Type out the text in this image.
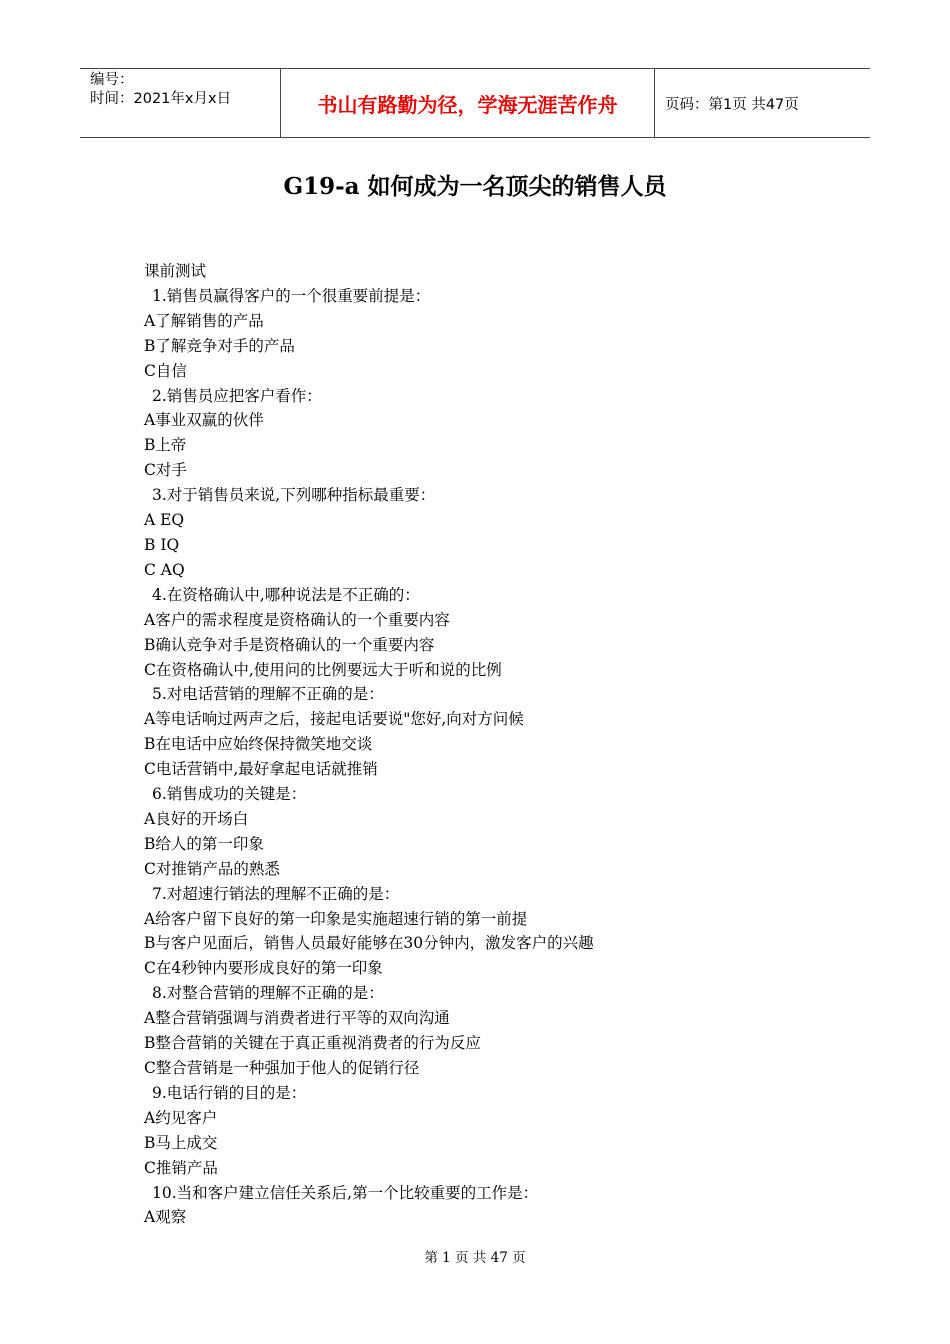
编号：
时间：2021年x月x日	书山有路勤为径，学海无涯苦作舟	页码：第1页 共47页
G19-a 如何成为一名顶尖的销售人员
课前测试
1.销售员赢得客户的一个很重要前提是：
A了解销售的产品
B了解竞争对手的产品
C自信
2.销售员应把客户看作：
A事业双赢的伙伴
B上帝
C对手
3.对于销售员来说,下列哪种指标最重要：
A EQ
B IQ
C AQ
4.在资格确认中,哪种说法是不正确的：
A客户的需求程度是资格确认的一个重要内容
B确认竞争对手是资格确认的一个重要内容
C在资格确认中,使用问的比例要远大于听和说的比例
5.对电话营销的理解不正确的是：
A等电话响过两声之后，接起电话要说"您好,向对方问候
B在电话中应始终保持微笑地交谈
C电话营销中,最好拿起电话就推销
6.销售成功的关键是：
A良好的开场白
B给人的第一印象
C对推销产品的熟悉
7.对超速行销法的理解不正确的是：
A给客户留下良好的第一印象是实施超速行销的第一前提
B与客户见面后，销售人员最好能够在30分钟内，激发客户的兴趣
C在4秒钟内要形成良好的第一印象
8.对整合营销的理解不正确的是：
A整合营销强调与消费者进行平等的双向沟通
B整合营销的关键在于真正重视消费者的行为反应
C整合营销是一种强加于他人的促销行径
9.电话行销的目的是：
A约见客户
B马上成交
C推销产品
10.当和客户建立信任关系后,第一个比较重要的工作是：
A观察
第 1 页 共 47 页
